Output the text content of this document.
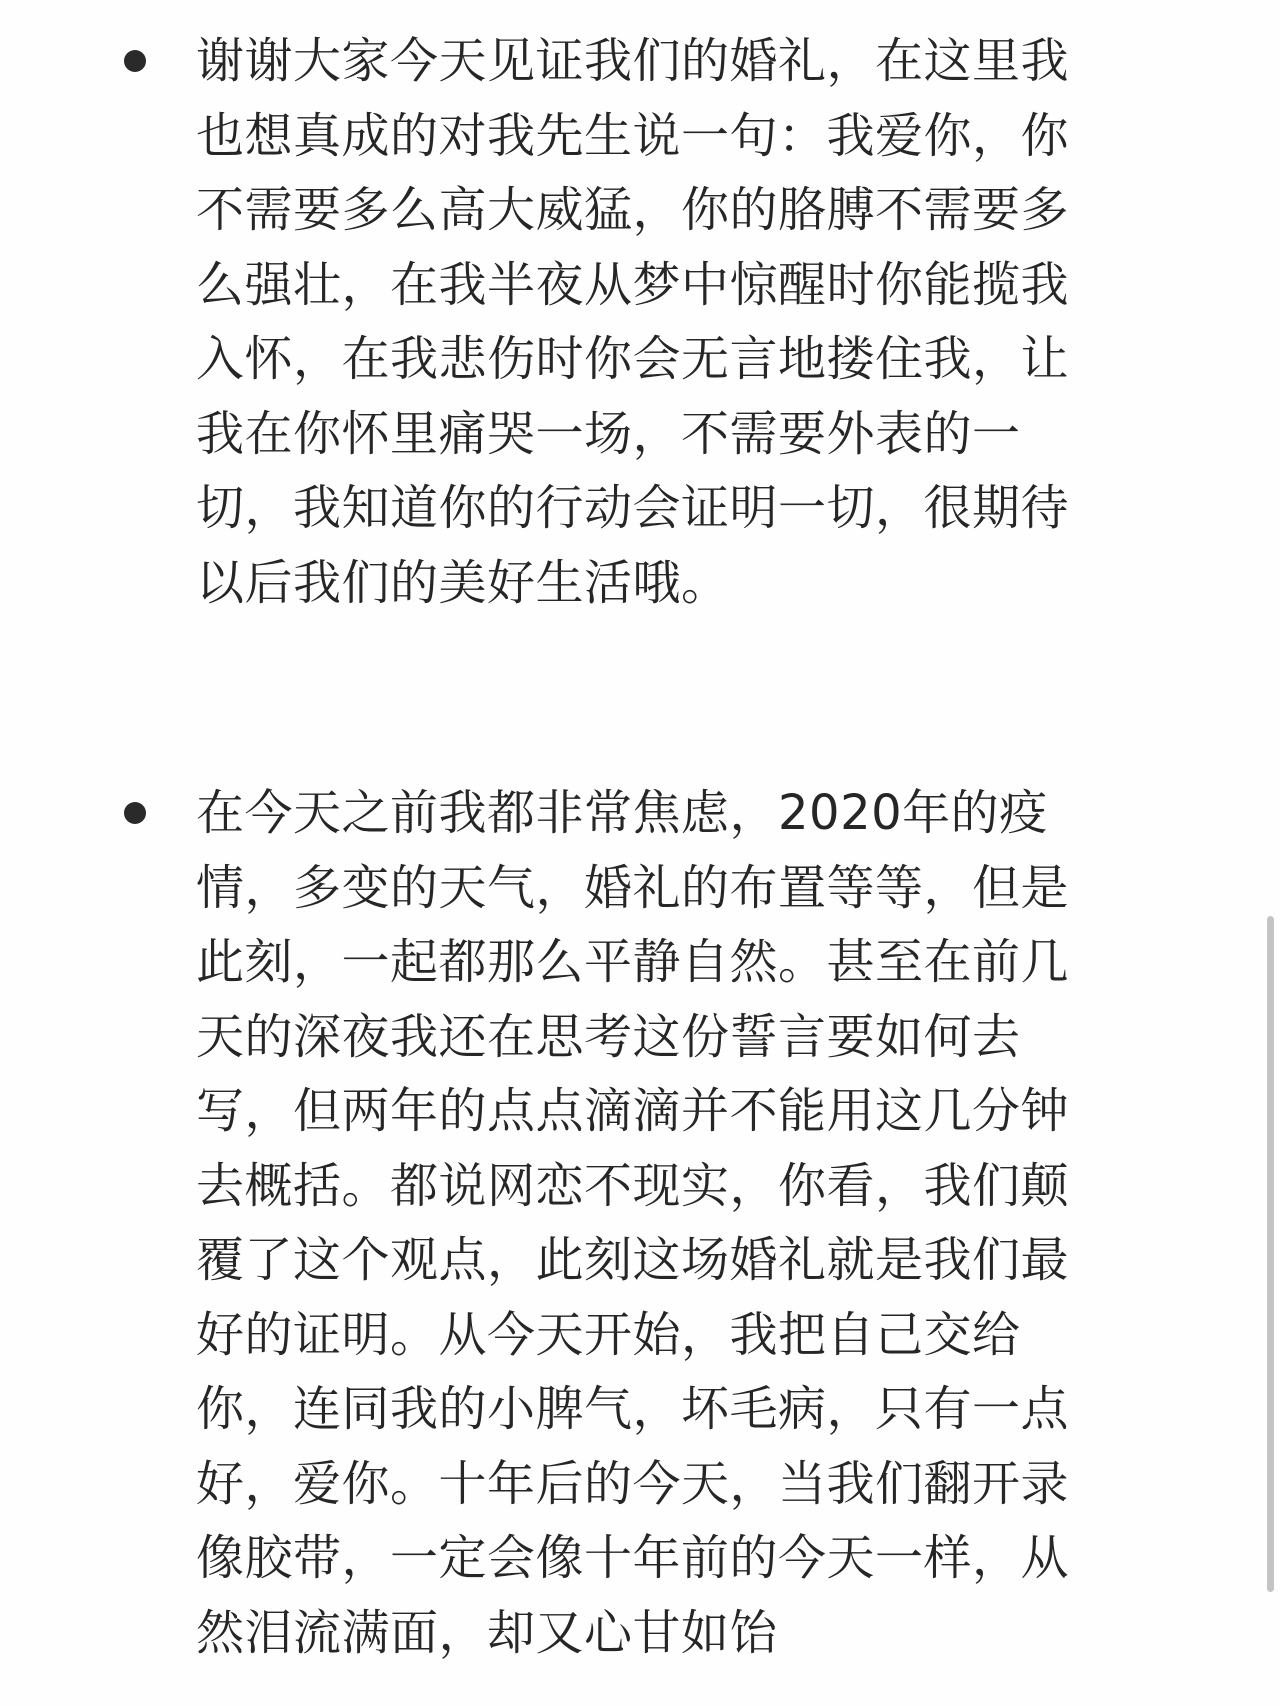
谢谢大家今天见证我们的婚礼，在这里我
也想真成的对我先生说一句：我爱你，你
不需要多么高大威猛，你的胳膊不需要多
么强壮，在我半夜从梦中惊醒时你能揽我
入怀，在我悲伤时你会无言地搂住我，让
我在你怀里痛哭一场，不需要外表的一
切，我知道你的行动会证明一切，很期待
以后我们的美好生活哦。

在今天之前我都非常焦虑，2020年的疫
情，多变的天气，婚礼的布置等等，但是
此刻，一起都那么平静自然。甚至在前几
天的深夜我还在思考这份誓言要如何去
写，但两年的点点滴滴并不能用这几分钟
去概括。都说网恋不现实，你看，我们颠
覆了这个观点，此刻这场婚礼就是我们最
好的证明。从今天开始，我把自己交给
你，连同我的小脾气，坏毛病，只有一点
好，爱你。十年后的今天，当我们翻开录
像胶带，一定会像十年前的今天一样，从
然泪流满面，却又心甘如饴
